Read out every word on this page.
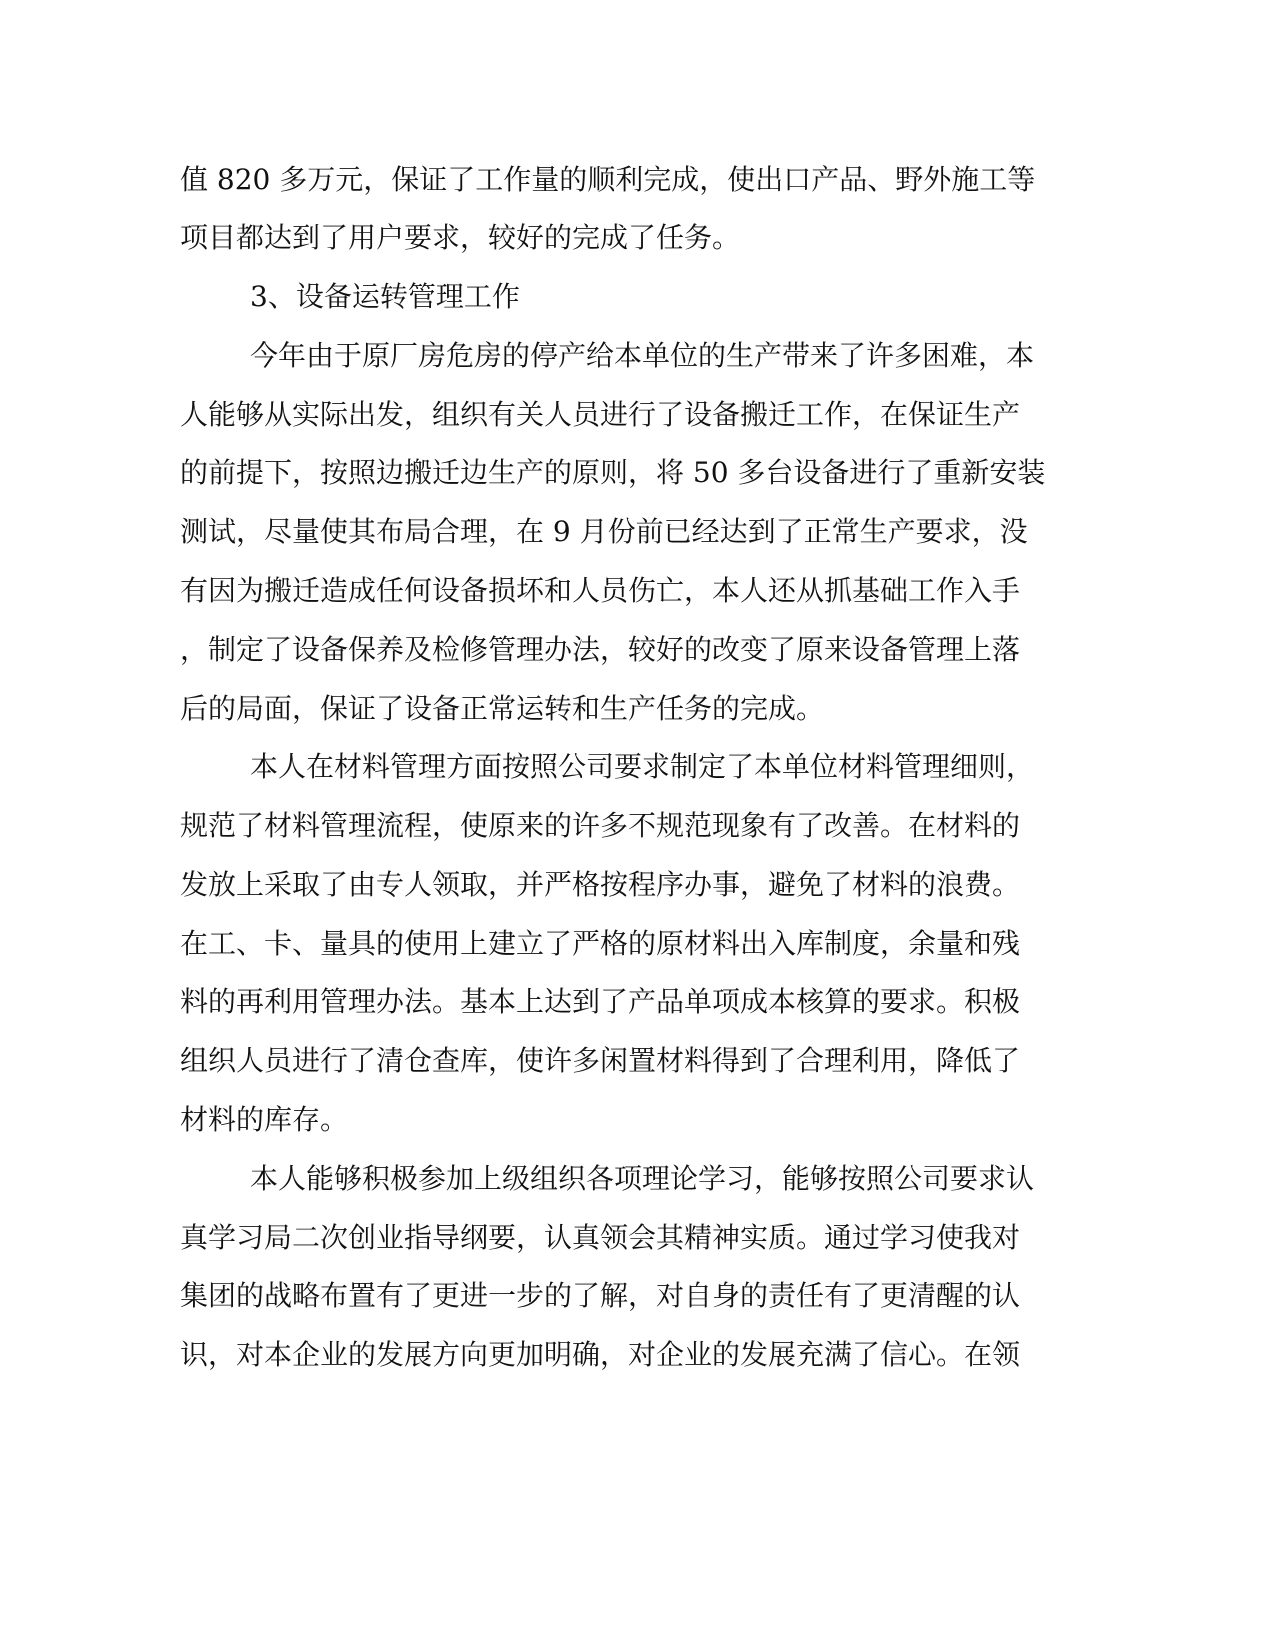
值 820 多万元，保证了工作量的顺利完成，使出口产品、野外施工等
项目都达到了用户要求，较好的完成了任务。
3、设备运转管理工作
今年由于原厂房危房的停产给本单位的生产带来了许多困难，本
人能够从实际出发，组织有关人员进行了设备搬迁工作，在保证生产
的前提下，按照边搬迁边生产的原则，将 50 多台设备进行了重新安装
测试，尽量使其布局合理，在 9 月份前已经达到了正常生产要求，没
有因为搬迁造成任何设备损坏和人员伤亡，本人还从抓基础工作入手
，制定了设备保养及检修管理办法，较好的改变了原来设备管理上落
后的局面，保证了设备正常运转和生产任务的完成。
本人在材料管理方面按照公司要求制定了本单位材料管理细则，
规范了材料管理流程，使原来的许多不规范现象有了改善。在材料的
发放上采取了由专人领取，并严格按程序办事，避免了材料的浪费。
在工、卡、量具的使用上建立了严格的原材料出入库制度，余量和残
料的再利用管理办法。基本上达到了产品单项成本核算的要求。积极
组织人员进行了清仓查库，使许多闲置材料得到了合理利用，降低了
材料的库存。
本人能够积极参加上级组织各项理论学习，能够按照公司要求认
真学习局二次创业指导纲要，认真领会其精神实质。通过学习使我对
集团的战略布置有了更进一步的了解，对自身的责任有了更清醒的认
识，对本企业的发展方向更加明确，对企业的发展充满了信心。在领
